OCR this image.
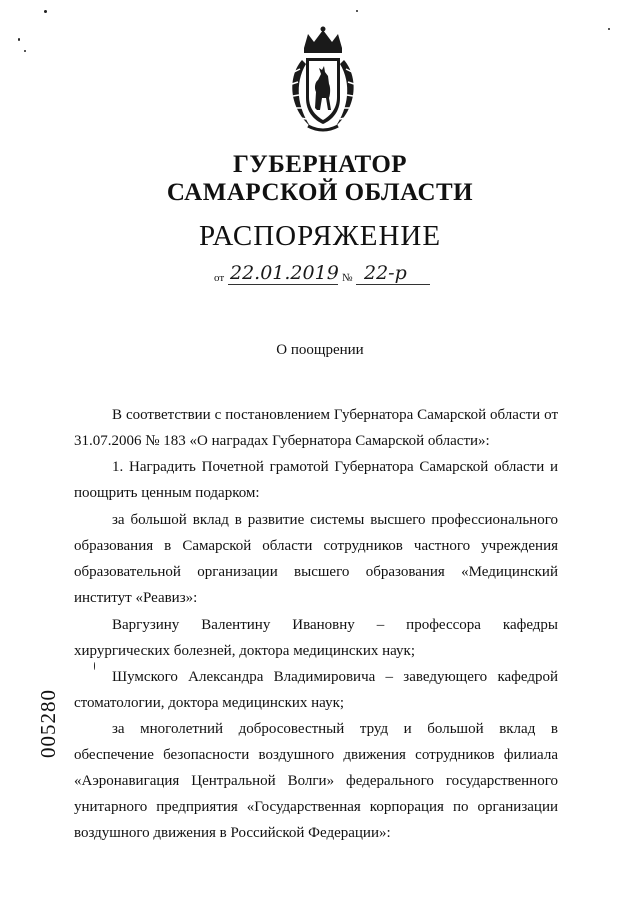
ГУБЕРНАТОР
САМАРСКОЙ ОБЛАСТИ
РАСПОРЯЖЕНИЕ
от 22.01.2019 № 22-р
О поощрении
В соответствии с постановлением Губернатора Самарской области от 31.07.2006 № 183 «О наградах Губернатора Самарской области»:
1. Наградить Почетной грамотой Губернатора Самарской области и поощрить ценным подарком:
за большой вклад в развитие системы высшего профессионального образования в Самарской области сотрудников частного учреждения образовательной организации высшего образования «Медицинский институт «Реавиз»:
Варгузину Валентину Ивановну – профессора кафедры хирургических болезней, доктора медицинских наук;
Шумского Александра Владимировича – заведующего кафедрой стоматологии, доктора медицинских наук;
за многолетний добросовестный труд и большой вклад в обеспечение безопасности воздушного движения сотрудников филиала «Аэронавигация Центральной Волги» федерального государственного унитарного предприятия «Государственная корпорация по организации воздушного движения в Российской Федерации»:
005280
